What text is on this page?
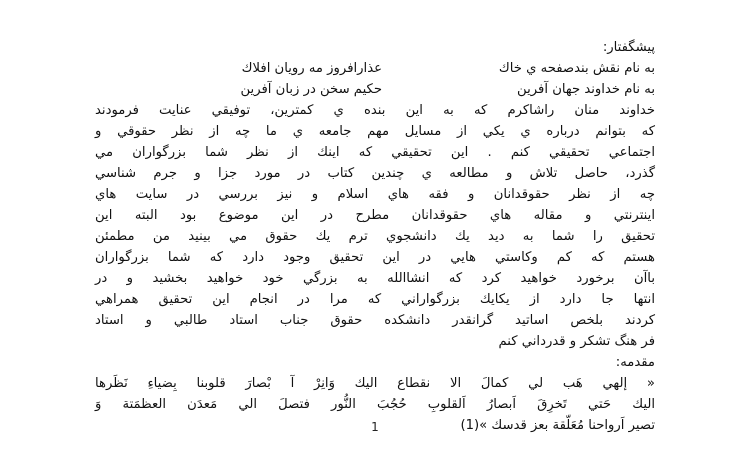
پيشگفتار:
به نام نقش بندصفحه ي خاك
عذارافروز مه رويان افلاك
به نام خداوند جهان آفرين
حكيم سخن در زبان آفرين
خداوند منان راشاكرم كه به اين بنده ي كمترين، توفيقي عنايت فرمودند
كه بتوانم درباره ي يكي از مسايل مهم جامعه ي ما چه از نظر حقوقي و
اجتماعي تحقيقي كنم . اين تحقيقي كه اينك از نظر شما بزرگواران مي
گذرد، حاصل تلاش و مطالعه ي چندين كتاب در مورد جزا و جرم شناسي
چه از نظر حقوقدانان و فقه هاي اسلام و نيز بررسي در سايت هاي
اينترنتي و مقاله هاي حقوقدانان مطرح در اين موضوع بود البته اين
تحقيق را شما به ديد يك دانشجوي ترم يك حقوق مي بينيد من مطمئن
هستم كه كم وكاستي هايي در اين تحقيق وجود دارد كه شما بزرگواران
باآن برخورد خواهيد كرد كه انشاالله به بزرگي خود خواهيد بخشيد و در
انتها جا دارد از يكايك بزرگواراني كه مرا در انجام اين تحقيق همراهي
كردند بلخص اساتيد گرانقدر دانشكده حقوق جناب استاد طالبي و استاد
فر هنگ تشكر و قدرداني كنم
مقدمه:
« إلهي هَب لي كمالَ الا نقطاع اليك وَانِرْ آ بْصارَ قلوبنا بِضياءِ نَظَرها
اليك حَتي تَخرِقَ اَبصارُ اَلقلوبِ حُجُبَ النُّور فتصلَ الي مَعدَن العظمَتة وَ
تصير اَرواحنا مُعَلّقة بعز قدسك »(1)
1
